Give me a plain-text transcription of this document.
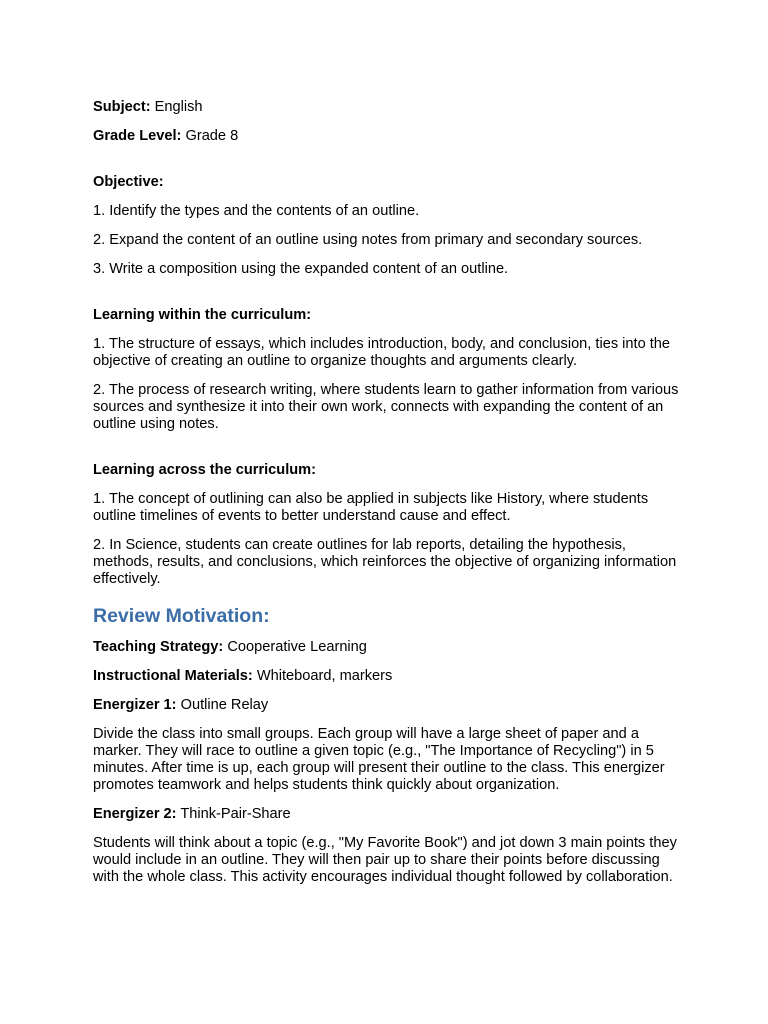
Subject: English

Grade Level: Grade 8

Objective:

1. Identify the types and the contents of an outline.

2. Expand the content of an outline using notes from primary and secondary sources.

3. Write a composition using the expanded content of an outline.

Learning within the curriculum:

1. The structure of essays, which includes introduction, body, and conclusion, ties into the objective of creating an outline to organize thoughts and arguments clearly.

2. The process of research writing, where students learn to gather information from various sources and synthesize it into their own work, connects with expanding the content of an outline using notes.

Learning across the curriculum:

1. The concept of outlining can also be applied in subjects like History, where students outline timelines of events to better understand cause and effect.

2. In Science, students can create outlines for lab reports, detailing the hypothesis, methods, results, and conclusions, which reinforces the objective of organizing information effectively.

Review Motivation:

Teaching Strategy: Cooperative Learning

Instructional Materials: Whiteboard, markers

Energizer 1: Outline Relay

Divide the class into small groups. Each group will have a large sheet of paper and a marker. They will race to outline a given topic (e.g., "The Importance of Recycling") in 5 minutes. After time is up, each group will present their outline to the class. This energizer promotes teamwork and helps students think quickly about organization.

Energizer 2: Think-Pair-Share

Students will think about a topic (e.g., "My Favorite Book") and jot down 3 main points they would include in an outline. They will then pair up to share their points before discussing with the whole class. This activity encourages individual thought followed by collaboration.
